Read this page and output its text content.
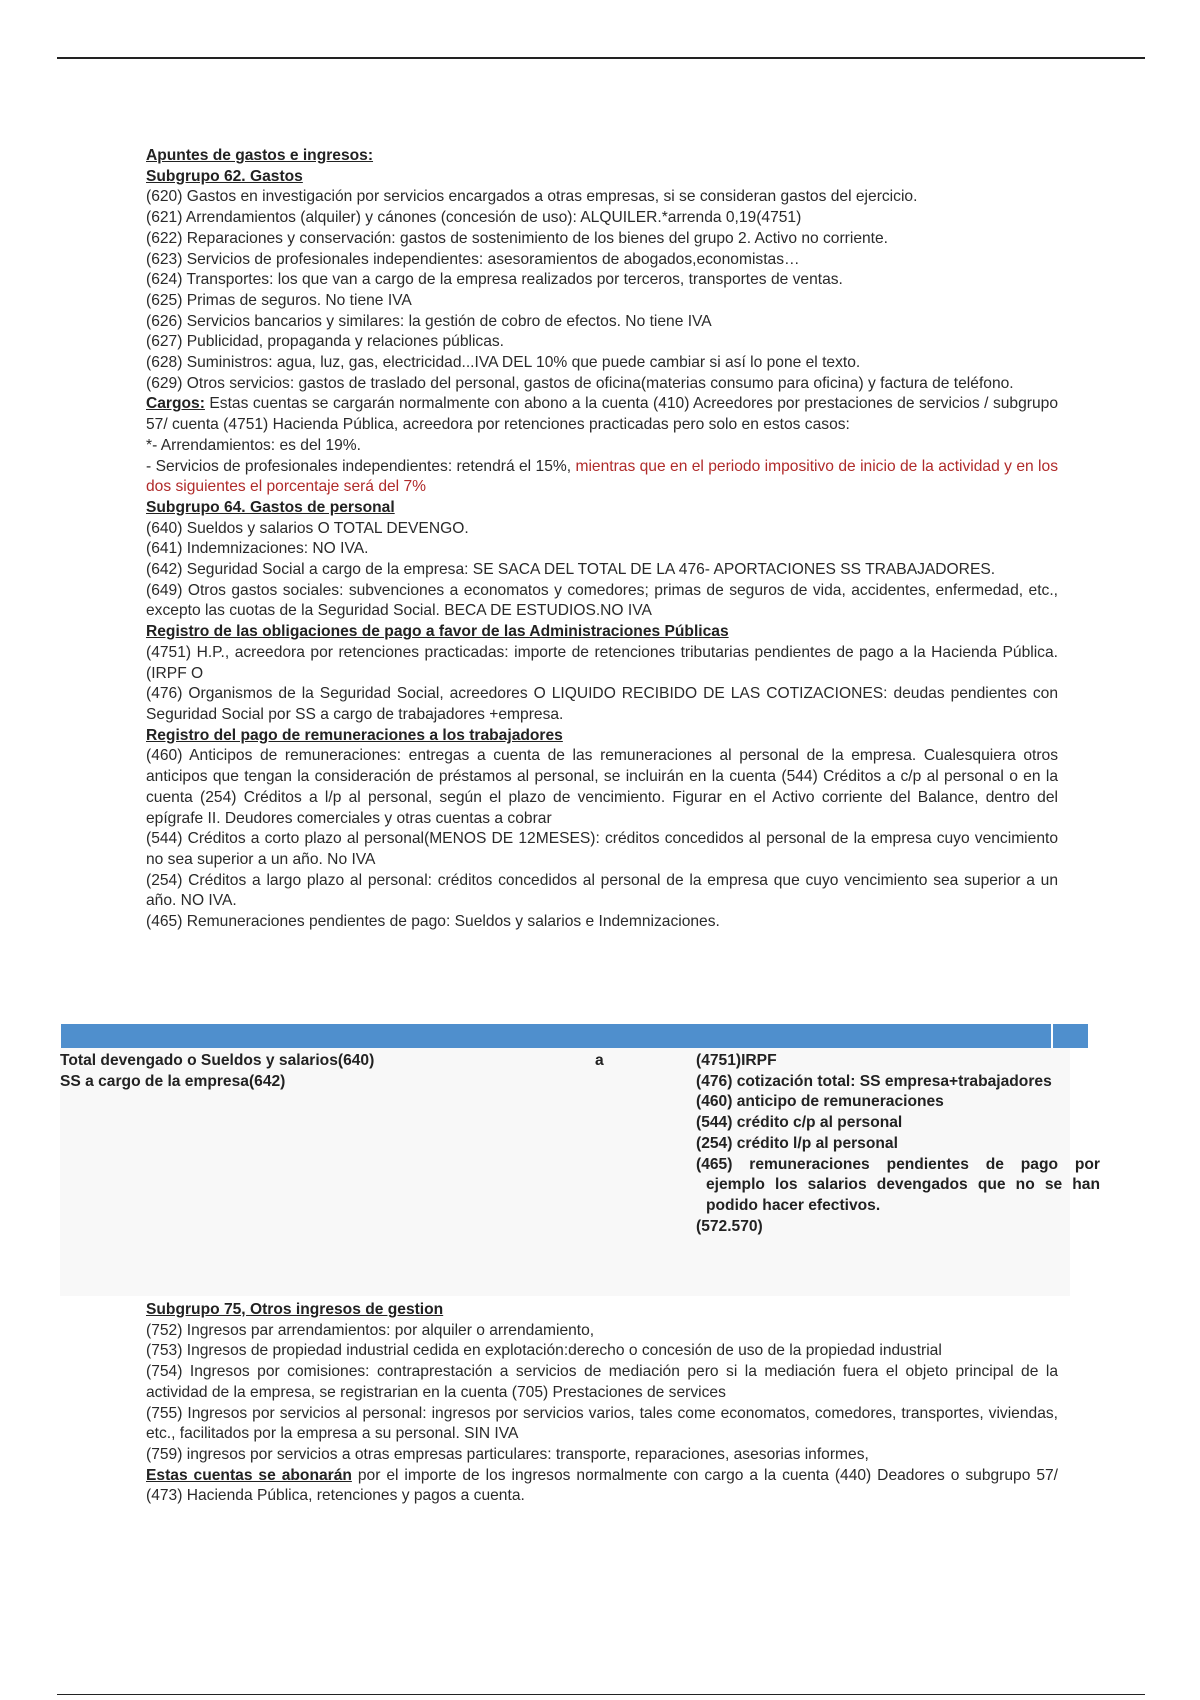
Apuntes de gastos e ingresos:
Subgrupo 62. Gastos

(620) Gastos en investigación por servicios encargados a otras empresas, si se consideran gastos del ejercicio.

(621) Arrendamientos (alquiler) y cánones (concesión de uso): ALQUILER.*arrenda 0,19(4751)

(622) Reparaciones y conservación: gastos de sostenimiento de los bienes del grupo 2. Activo no corriente.

(623) Servicios de profesionales independientes: asesoramientos de abogados,economistas…

(624) Transportes: los que van a cargo de la empresa realizados por terceros, transportes de ventas.

(625) Primas de seguros. No tiene IVA

(626) Servicios bancarios y similares: la gestión de cobro de efectos. No tiene IVA

(627) Publicidad, propaganda y relaciones públicas.

(628) Suministros: agua, luz, gas, electricidad...IVA DEL 10% que puede cambiar si así lo pone el texto.

(629) Otros servicios: gastos de traslado del personal, gastos de oficina(materias consumo para oficina) y factura de teléfono.

Cargos: Estas cuentas se cargarán normalmente con abono a la cuenta (410) Acreedores por prestaciones de servicios / subgrupo 57/ cuenta (4751) Hacienda Pública, acreedora por retenciones practicadas pero solo en estos casos:

*- Arrendamientos: es del 19%.

- Servicios de profesionales independientes: retendrá el 15%, mientras que en el periodo impositivo de inicio de la actividad y en los dos siguientes el porcentaje será del 7%

Subgrupo 64. Gastos de personal

(640) Sueldos y salarios O TOTAL DEVENGO.

(641) Indemnizaciones: NO IVA.

(642) Seguridad Social a cargo de la empresa: SE SACA DEL TOTAL DE LA 476- APORTACIONES SS TRABAJADORES.

(649) Otros gastos sociales: subvenciones a economatos y comedores; primas de seguros de vida, accidentes, enfermedad, etc., excepto las cuotas de la Seguridad Social. BECA DE ESTUDIOS.NO IVA

Registro de las obligaciones de pago a favor de las Administraciones Públicas

(4751) H.P., acreedora por retenciones practicadas: importe de retenciones tributarias pendientes de pago a la Hacienda Pública.(IRPF O

(476) Organismos de la Seguridad Social, acreedores O LIQUIDO RECIBIDO DE LAS COTIZACIONES: deudas pendientes con Seguridad Social por SS a cargo de trabajadores +empresa.

Registro del pago de remuneraciones a los trabajadores

(460) Anticipos de remuneraciones: entregas a cuenta de las remuneraciones al personal de la empresa. Cualesquiera otros anticipos que tengan la consideración de préstamos al personal, se incluirán en la cuenta (544) Créditos a c/p al personal o en la cuenta (254) Créditos a l/p al personal, según el plazo de vencimiento. Figurar en el Activo corriente del Balance, dentro del epígrafe II. Deudores comerciales y otras cuentas a cobrar

(544) Créditos a corto plazo al personal(MENOS DE 12MESES): créditos concedidos al personal de la empresa cuyo vencimiento no sea superior a un año. No IVA

(254) Créditos a largo plazo al personal: créditos concedidos al personal de la empresa que cuyo vencimiento sea superior a un año. NO IVA.

(465) Remuneraciones pendientes de pago: Sueldos y salarios e Indemnizaciones.

Total devengado o Sueldos y salarios(640)
SS a cargo de la empresa(642)
a	(4751)IRPF
(476) cotización total: SS empresa+trabajadores
(460) anticipo de remuneraciones
(544) crédito c/p al personal
(254) crédito l/p al personal
(465) remuneraciones pendientes de pago por ejemplo los salarios devengados que no se han podido hacer efectivos.
(572.570)
Subgrupo 75, Otros ingresos de gestion

(752) Ingresos par arrendamientos: por alquiler o arrendamiento,

(753) Ingresos de propiedad industrial cedida en explotación:derecho o concesión de uso de la propiedad industrial

(754) Ingresos por comisiones: contraprestación a servicios de mediación pero si la mediación fuera el objeto principal de la actividad de la empresa, se registrarian en la cuenta (705) Prestaciones de services

(755) Ingresos por servicios al personal: ingresos por servicios varios, tales come economatos, comedores, transportes, viviendas, etc., facilitados por la empresa a su personal. SIN IVA

(759) ingresos por servicios a otras empresas particulares: transporte, reparaciones, asesorias informes,

Estas cuentas se abonarán por el importe de los ingresos normalmente con cargo a la cuenta (440) Deadores o subgrupo 57/ (473) Hacienda Pública, retenciones y pagos a cuenta.
